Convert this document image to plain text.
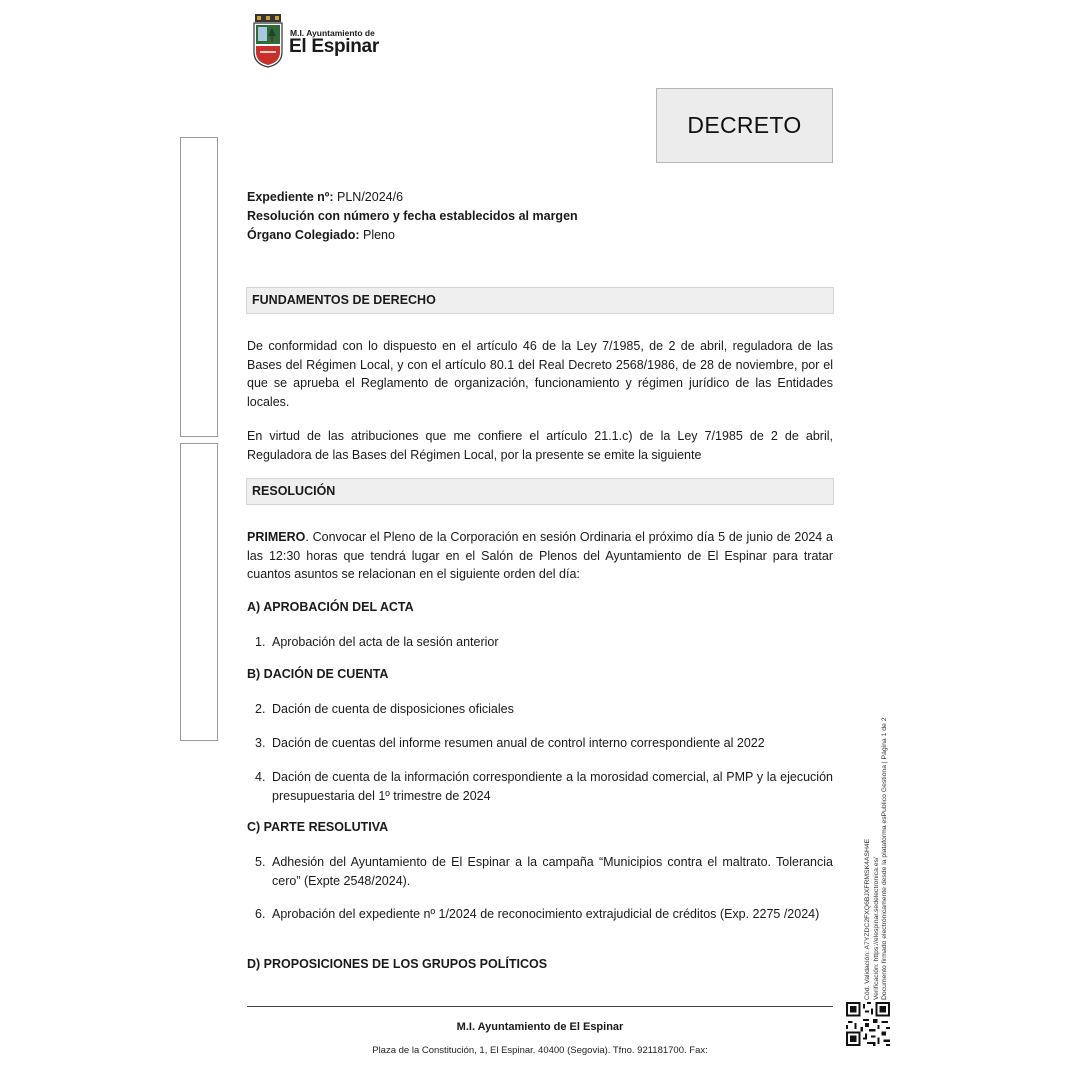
M.I. Ayuntamiento de
El Espinar
DECRETO
Expediente nº: PLN/2024/6
Resolución con número y fecha establecidos al margen
Órgano Colegiado: Pleno
FUNDAMENTOS DE DERECHO
De conformidad con lo dispuesto en el artículo 46 de la Ley 7/1985, de 2 de abril, reguladora de las Bases del Régimen Local, y con el artículo 80.1 del Real Decreto 2568/1986, de 28 de noviembre, por el que se aprueba el Reglamento de organización, funcionamiento y régimen jurídico de las Entidades locales.
En virtud de las atribuciones que me confiere el artículo 21.1.c) de la Ley 7/1985 de 2 de abril, Reguladora de las Bases del Régimen Local, por la presente se emite la siguiente
RESOLUCIÓN
PRIMERO. Convocar el Pleno de la Corporación en sesión Ordinaria el próximo día 5 de junio de 2024 a las 12:30 horas que tendrá lugar en el Salón de Plenos del Ayuntamiento de El Espinar para tratar cuantos asuntos se relacionan en el siguiente orden del día:
A) APROBACIÓN DEL ACTA
1. Aprobación del acta de la sesión anterior
B) DACIÓN DE CUENTA
2. Dación de cuenta de disposiciones oficiales
3. Dación de cuentas del informe resumen anual de control interno correspondiente al 2022
4. Dación de cuenta de la información correspondiente a la morosidad comercial, al PMP y la ejecución presupuestaria del 1º trimestre de 2024
C) PARTE RESOLUTIVA
5. Adhesión del Ayuntamiento de El Espinar a la campaña “Municipios contra el maltrato. Tolerancia cero” (Expte 2548/2024).
6. Aprobación del expediente nº 1/2024 de reconocimiento extrajudicial de créditos (Exp. 2275 /2024)
D) PROPOSICIONES DE LOS GRUPOS POLÍTICOS
M.I. Ayuntamiento de El Espinar
Plaza de la Constitución, 1, El Espinar. 40400 (Segovia). Tfno. 921181700. Fax:
Cód. Validación: A7YZDC2FXQ6BJXFRMSK4ASH4E Verificación: https://elespinar.sedelectronica.es/ Documento firmado electrónicamente desde la plataforma esPublico Gestiona | Página 1 de 2
